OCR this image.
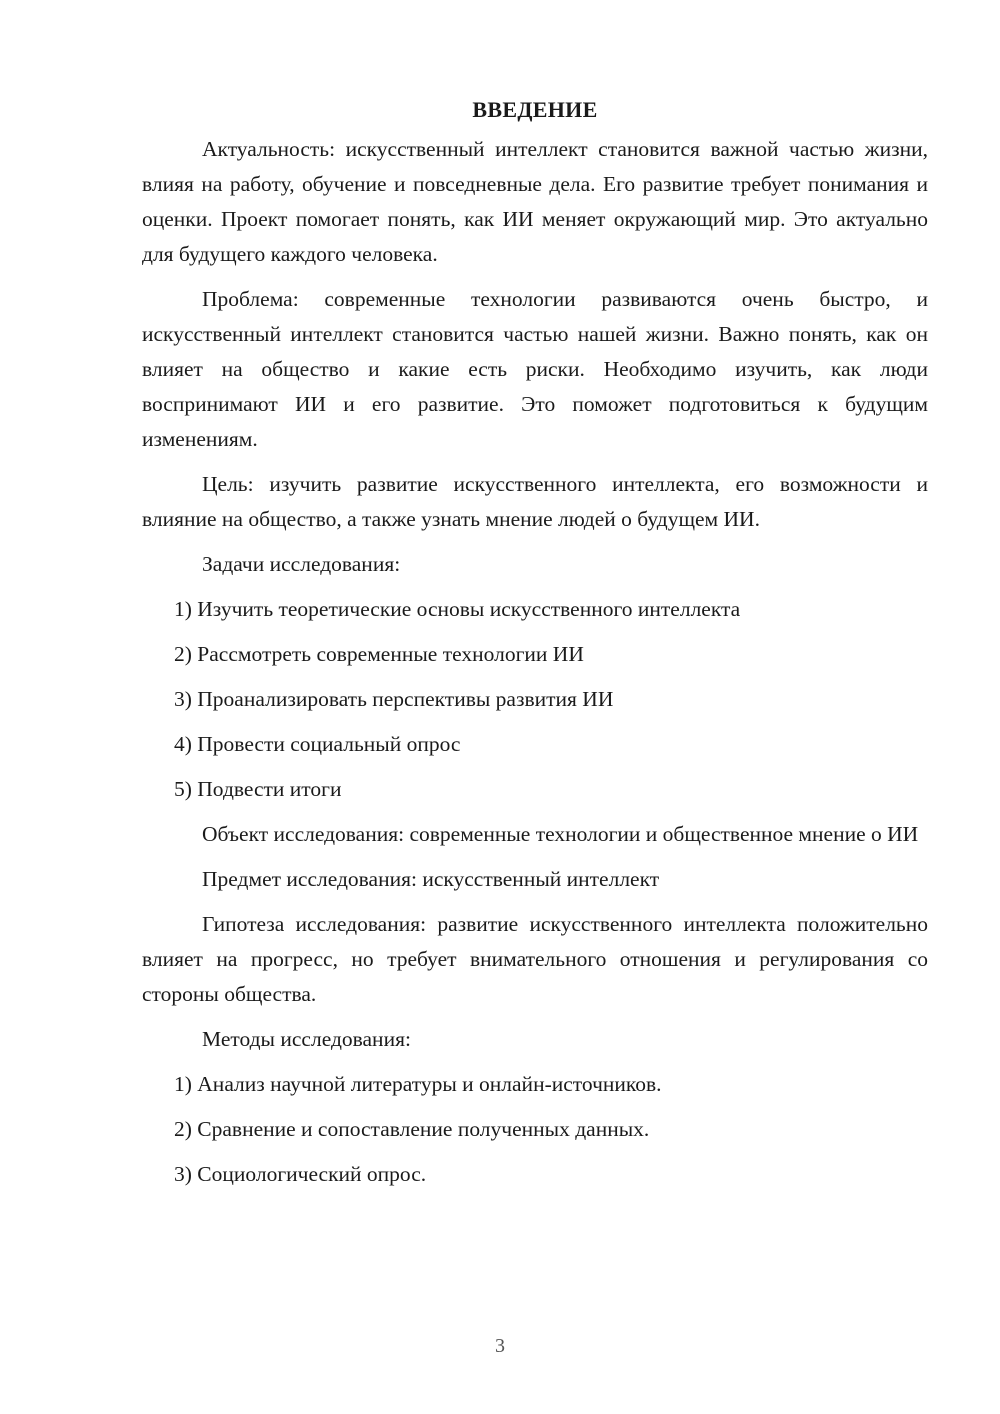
ВВЕДЕНИЕ

Актуальность: искусственный интеллект становится важной частью жизни, влияя на работу, обучение и повседневные дела. Его развитие требует понимания и оценки. Проект помогает понять, как ИИ меняет окружающий мир. Это актуально для будущего каждого человека.

Проблема: современные технологии развиваются очень быстро, и искусственный интеллект становится частью нашей жизни. Важно понять, как он влияет на общество и какие есть риски. Необходимо изучить, как люди воспринимают ИИ и его развитие. Это поможет подготовиться к будущим изменениям.

Цель: изучить развитие искусственного интеллекта, его возможности и влияние на общество, а также узнать мнение людей о будущем ИИ.

Задачи исследования:

1) Изучить теоретические основы искусственного интеллекта

2) Рассмотреть современные технологии ИИ

3) Проанализировать перспективы развития ИИ

4) Провести социальный опрос

5) Подвести итоги

Объект исследования: современные технологии и общественное мнение о ИИ

Предмет исследования: искусственный интеллект

Гипотеза исследования: развитие искусственного интеллекта положительно влияет на прогресс, но требует внимательного отношения и регулирования со стороны общества.

Методы исследования:

1) Анализ научной литературы и онлайн-источников.

2) Сравнение и сопоставление полученных данных.

3) Социологический опрос.

3
